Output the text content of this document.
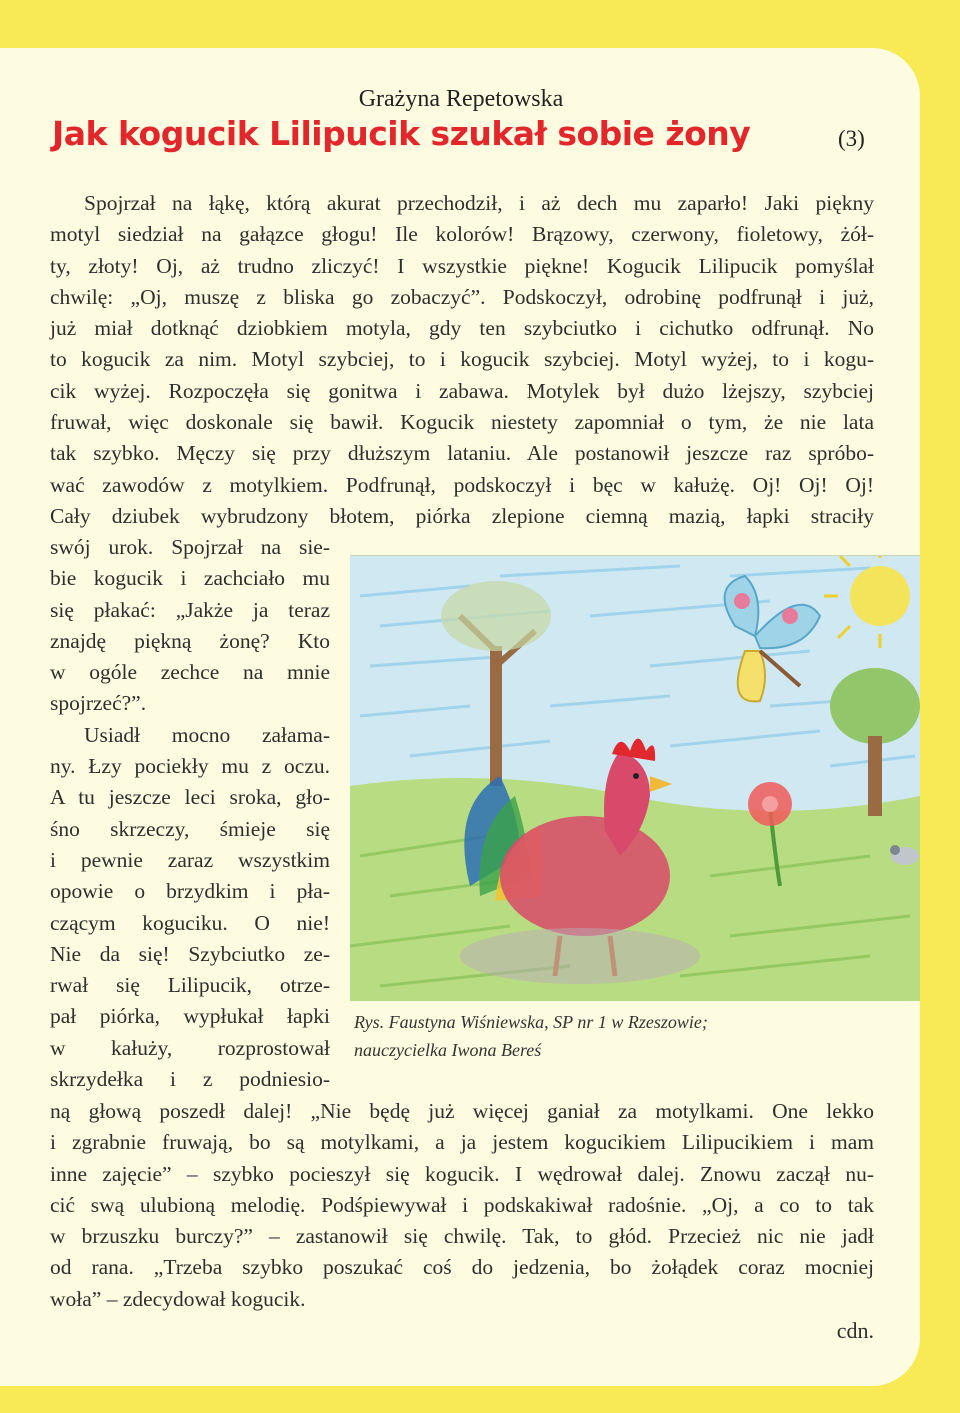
Grażyna Repetowska
Jak kogucik Lilipucik szukał sobie żony	(3)
Spojrzał na łąkę, którą akurat przechodził, i aż dech mu zaparło! Jaki piękny
motyl siedział na gałązce głogu! Ile kolorów! Brązowy, czerwony, fioletowy, żół-
ty, złoty! Oj, aż trudno zliczyć! I wszystkie piękne! Kogucik Lilipucik pomyślał
chwilę: „Oj, muszę z bliska go zobaczyć”. Podskoczył, odrobinę podfrunął i już,
już miał dotknąć dziobkiem motyla, gdy ten szybciutko i cichutko odfrunął. No
to kogucik za nim. Motyl szybciej, to i kogucik szybciej. Motyl wyżej, to i kogu-
cik wyżej. Rozpoczęła się gonitwa i zabawa. Motylek był dużo lżejszy, szybciej
fruwał, więc doskonale się bawił. Kogucik niestety zapomniał o tym, że nie lata
tak szybko. Męczy się przy dłuższym lataniu. Ale postanowił jeszcze raz spróbo-
wać zawodów z motylkiem. Podfrunął, podskoczył i bęc w kałużę. Oj! Oj! Oj!
Cały dziubek wybrudzony błotem, piórka zlepione ciemną mazią, łapki straciły
swój urok. Spojrzał na sie-
bie kogucik i zachciało mu
się płakać: „Jakże ja teraz
znajdę piękną żonę? Kto
w ogóle zechce na mnie
spojrzeć?”.
Usiadł mocno załama-
ny. Łzy pociekły mu z oczu.
A tu jeszcze leci sroka, gło-
śno skrzeczy, śmieje się
i pewnie zaraz wszystkim
opowie o brzydkim i pła-
czącym koguciku. O nie!
Nie da się! Szybciutko ze-
rwał się Lilipucik, otrze-
pał piórka, wypłukał łapki
w kałuży, rozprostował
skrzydełka i z podniesio-
ną głową poszedł dalej! „Nie będę już więcej ganiał za motylkami. One lekko
i zgrabnie fruwają, bo są motylkami, a ja jestem kogucikiem Lilipucikiem i mam
inne zajęcie” – szybko pocieszył się kogucik. I wędrował dalej. Znowu zaczął nu-
cić swą ulubioną melodię. Podśpiewywał i podskakiwał radośnie. „Oj, a co to tak
w brzuszku burczy?” – zastanowił się chwilę. Tak, to głód. Przecież nic nie jadł
od rana. „Trzeba szybko poszukać coś do jedzenia, bo żołądek coraz mocniej
woła” – zdecydował kogucik.
cdn.
Rys. Faustyna Wiśniewska, SP nr 1 w Rzeszowie;
nauczycielka Iwona Bereś
